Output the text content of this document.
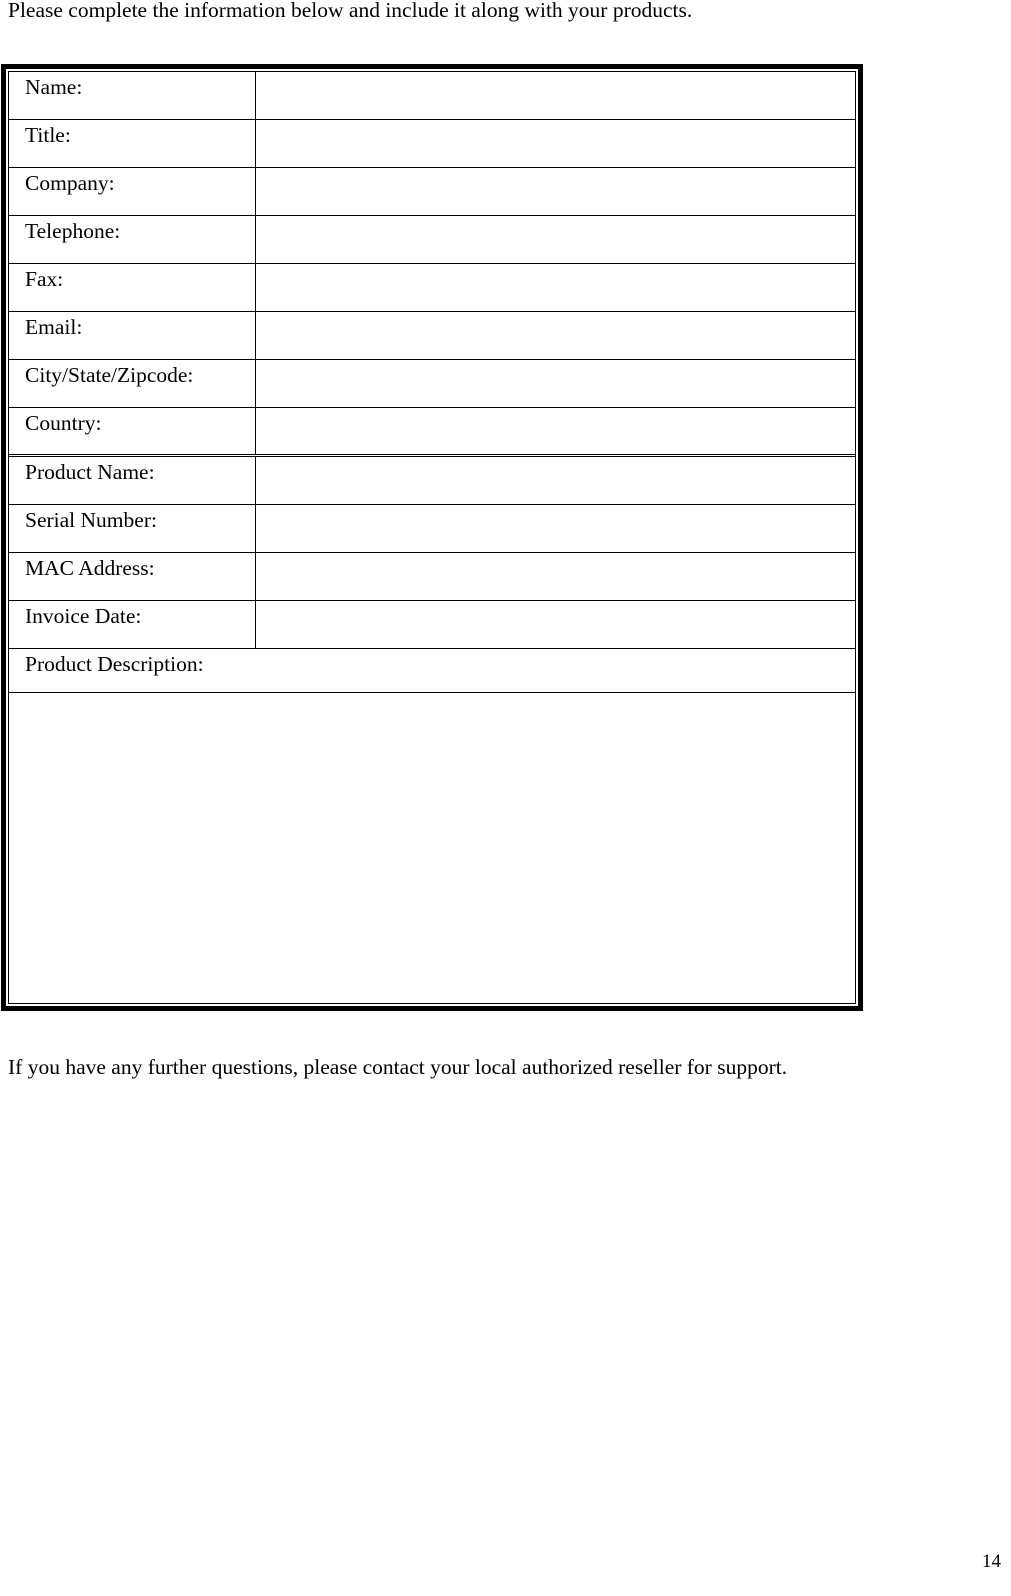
Please complete the information below and include it along with your products.
Name:
Title:
Company:
Telephone:
Fax:
Email:
City/State/Zipcode:
Country:
Product Name:
Serial Number:
MAC Address:
Invoice Date:
Product Description:
If you have any further questions, please contact your local authorized reseller for support.
14
